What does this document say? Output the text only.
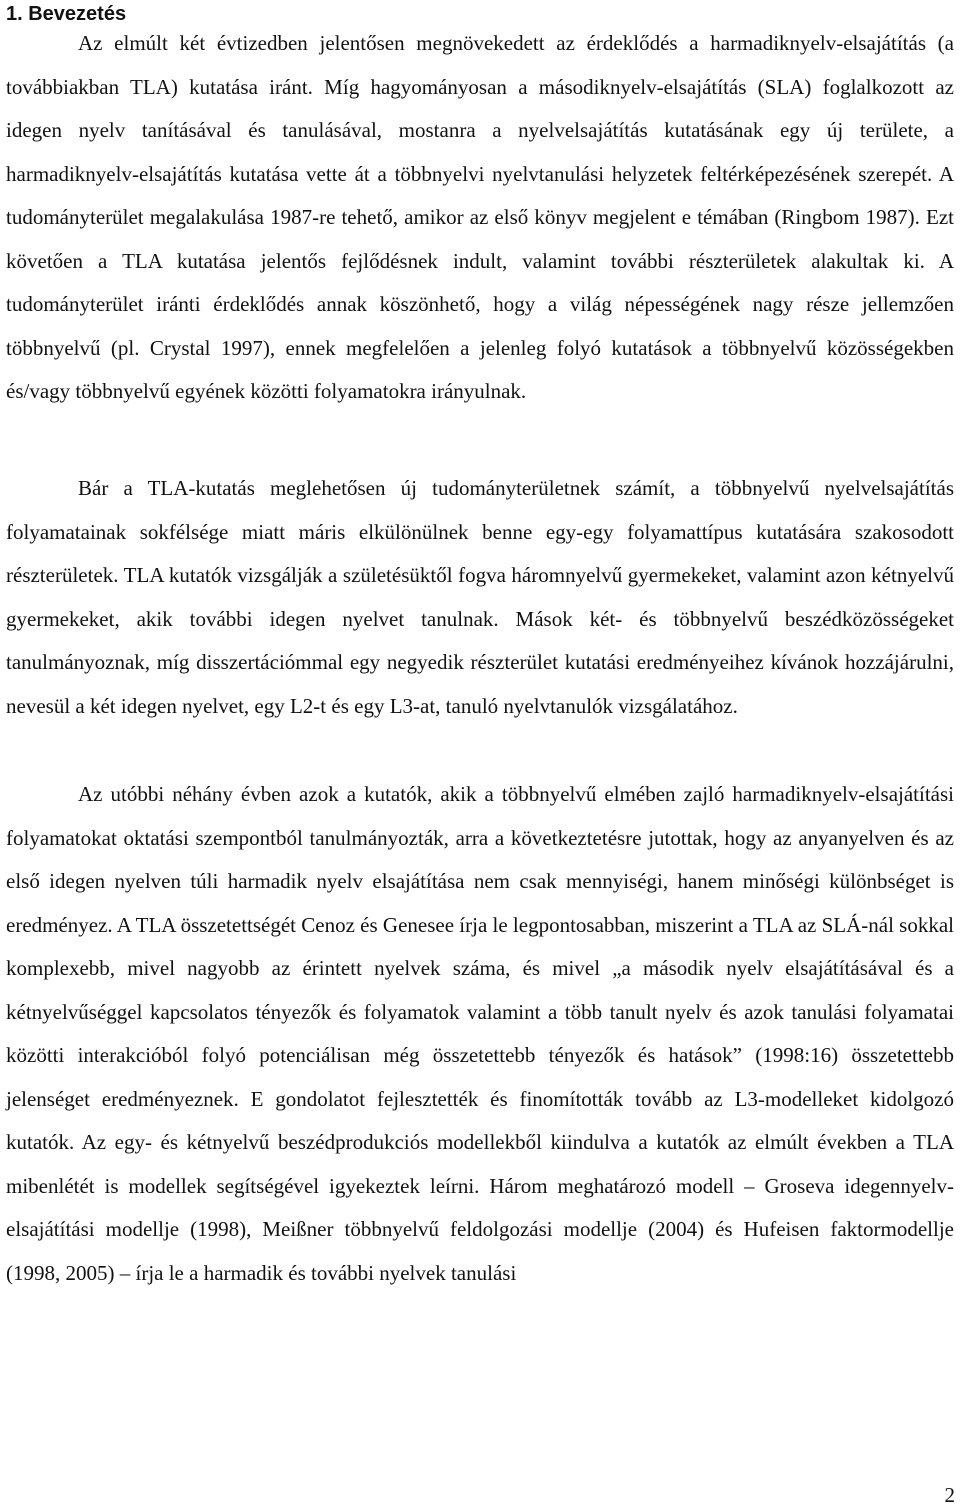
1. Bevezetés

Az elmúlt két évtizedben jelentősen megnövekedett az érdeklődés a harmadiknyelv-elsajátítás (a továbbiakban TLA) kutatása iránt. Míg hagyományosan a másodiknyelv-elsajátítás (SLA) foglalkozott az idegen nyelv tanításával és tanulásával, mostanra a nyelvelsajátítás kutatásának egy új területe, a harmadiknyelv-elsajátítás kutatása vette át a többnyelvi nyelvtanulási helyzetek feltérképezésének szerepét. A tudományterület megalakulása 1987-re tehető, amikor az első könyv megjelent e témában (Ringbom 1987). Ezt követően a TLA kutatása jelentős fejlődésnek indult, valamint további részterületek alakultak ki. A tudományterület iránti érdeklődés annak köszönhető, hogy a világ népességének nagy része jellemzően többnyelvű (pl. Crystal 1997), ennek megfelelően a jelenleg folyó kutatások a többnyelvű közösségekben és/vagy többnyelvű egyének közötti folyamatokra irányulnak.

Bár a TLA-kutatás meglehetősen új tudományterületnek számít, a többnyelvű nyelvelsajátítás folyamatainak sokfélsége miatt máris elkülönülnek benne egy-egy folyamattípus kutatására szakosodott részterületek. TLA kutatók vizsgálják a születésüktől fogva háromnyelvű gyermekeket, valamint azon kétnyelvű gyermekeket, akik további idegen nyelvet tanulnak. Mások két- és többnyelvű beszédközösségeket tanulmányoznak, míg disszertációmmal egy negyedik részterület kutatási eredményeihez kívánok hozzájárulni, nevesül a két idegen nyelvet, egy L2-t és egy L3-at, tanuló nyelvtanulók vizsgálatához.

Az utóbbi néhány évben azok a kutatók, akik a többnyelvű elmében zajló harmadiknyelv-elsajátítási folyamatokat oktatási szempontból tanulmányozták, arra a következtetésre jutottak, hogy az anyanyelven és az első idegen nyelven túli harmadik nyelv elsajátítása nem csak mennyiségi, hanem minőségi különbséget is eredményez. A TLA összetettségét Cenoz és Genesee írja le legpontosabban, miszerint a TLA az SLÁ-nál sokkal komplexebb, mivel nagyobb az érintett nyelvek száma, és mivel „a második nyelv elsajátításával és a kétnyelvűséggel kapcsolatos tényezők és folyamatok valamint a több tanult nyelv és azok tanulási folyamatai közötti interakcióból folyó potenciálisan még összetettebb tényezők és hatások” (1998:16) összetettebb jelenséget eredményeznek. E gondolatot fejlesztették és finomították tovább az L3-modelleket kidolgozó kutatók. Az egy- és kétnyelvű beszédprodukciós modellekből kiindulva a kutatók az elmúlt években a TLA mibenlétét is modellek segítségével igyekeztek leírni. Három meghatározó modell – Groseva idegennyelv-elsajátítási modellje (1998), Meißner többnyelvű feldolgozási modellje (2004) és Hufeisen faktormodellje (1998, 2005) – írja le a harmadik és további nyelvek tanulási

2
